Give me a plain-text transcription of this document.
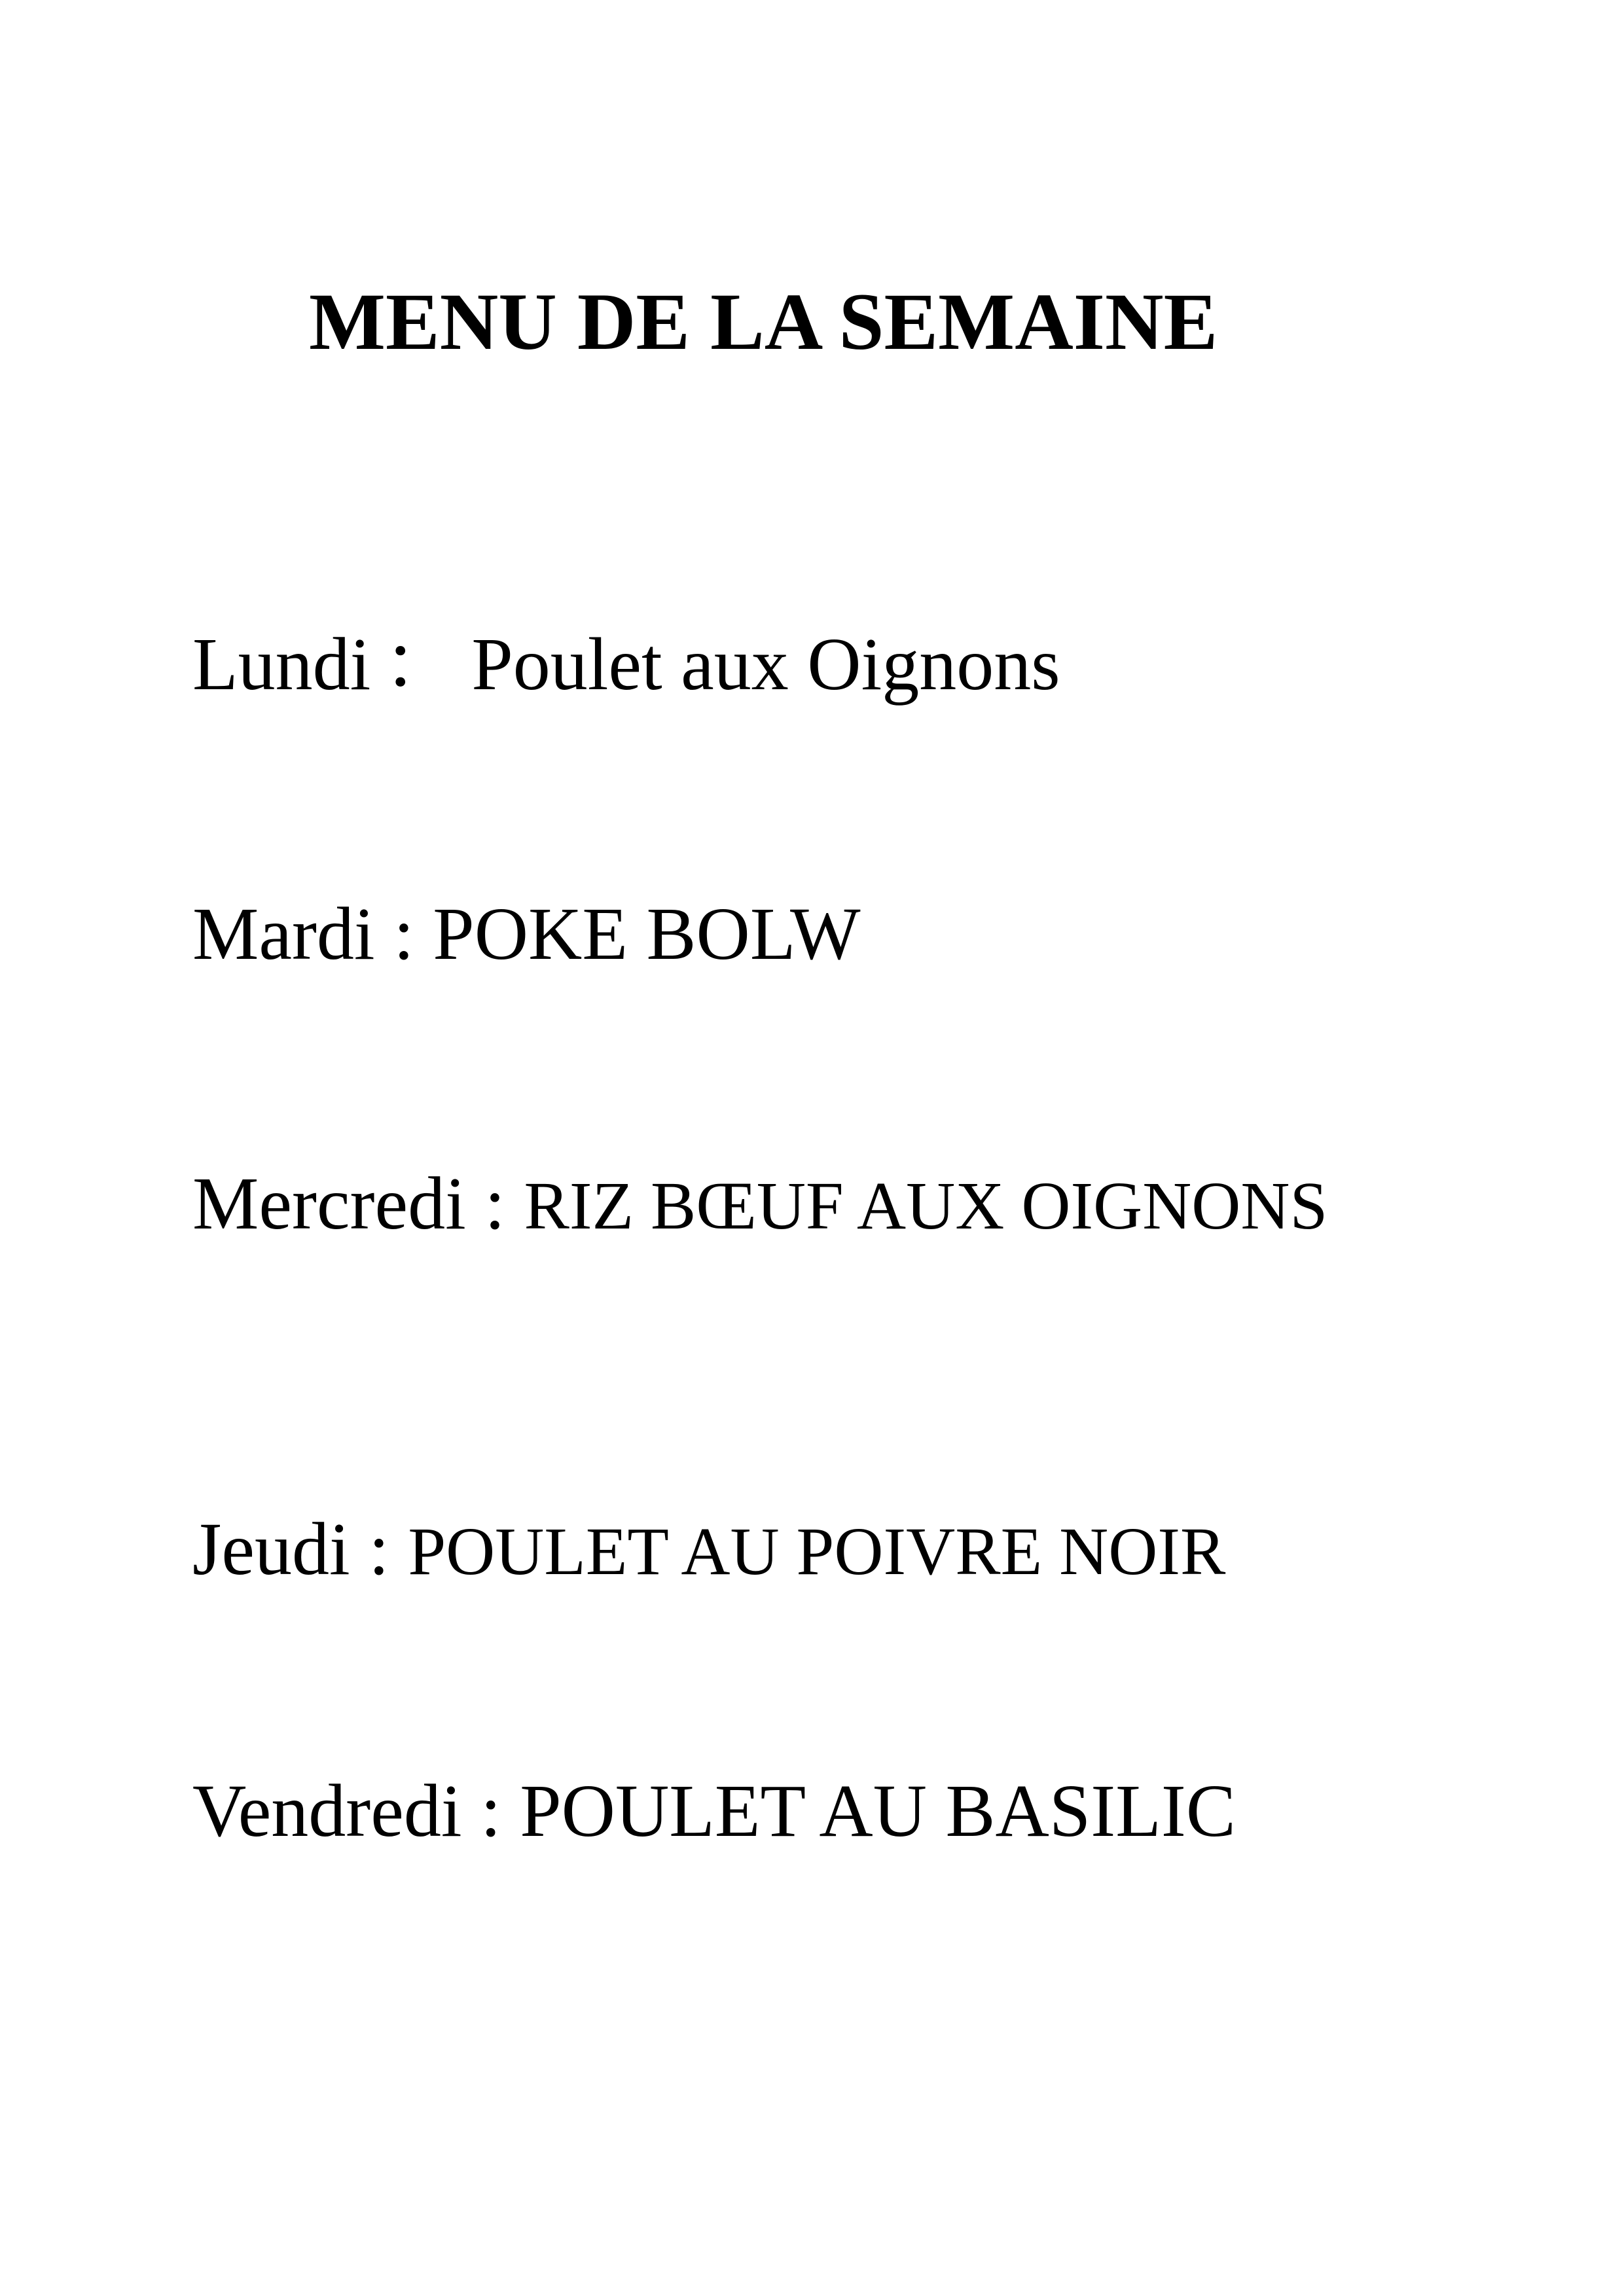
MENU DE LA SEMAINE
Lundi ： Poulet aux Oignons
Mardi : POKE BOLW
Mercredi : RIZ BŒUF AUX OIGNONS
Jeudi : POULET AU POIVRE NOIR
Vendredi : POULET AU BASILIC
